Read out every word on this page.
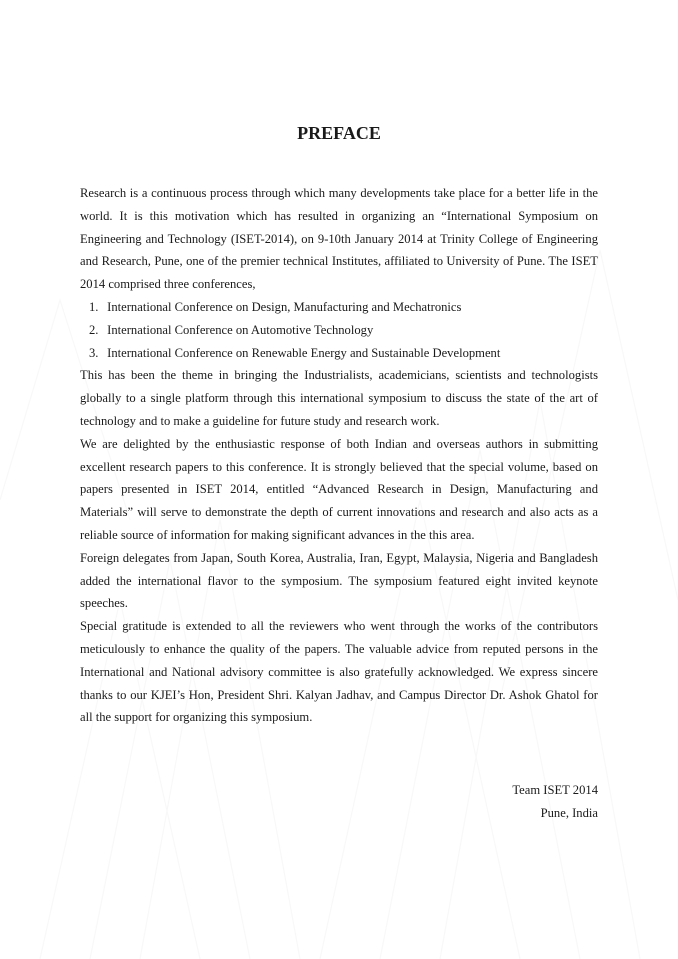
PREFACE

Research is a continuous process through which many developments take place for a better life in the world. It is this motivation which has resulted in organizing an “International Symposium on Engineering and Technology (ISET-2014), on 9-10th January 2014 at Trinity College of Engineering and Research, Pune, one of the premier technical Institutes, affiliated to University of Pune. The ISET 2014 comprised three conferences,

1. International Conference on Design, Manufacturing and Mechatronics
2. International Conference on Automotive Technology
3. International Conference on Renewable Energy and Sustainable Development

This has been the theme in bringing the Industrialists, academicians, scientists and technologists globally to a single platform through this international symposium to discuss the state of the art of technology and to make a guideline for future study and research work.

We are delighted by the enthusiastic response of both Indian and overseas authors in submitting excellent research papers to this conference. It is strongly believed that the special volume, based on papers presented in ISET 2014, entitled “Advanced Research in Design, Manufacturing and Materials” will serve to demonstrate the depth of current innovations and research and also acts as a reliable source of information for making significant advances in the this area.

Foreign delegates from Japan, South Korea, Australia, Iran, Egypt, Malaysia, Nigeria and Bangladesh added the international flavor to the symposium. The symposium featured eight invited keynote speeches.

Special gratitude is extended to all the reviewers who went through the works of the contributors meticulously to enhance the quality of the papers. The valuable advice from reputed persons in the International and National advisory committee is also gratefully acknowledged. We express sincere thanks to our KJEI’s Hon, President Shri. Kalyan Jadhav, and Campus Director Dr. Ashok Ghatol for all the support for organizing this symposium.

Team ISET 2014
Pune, India
